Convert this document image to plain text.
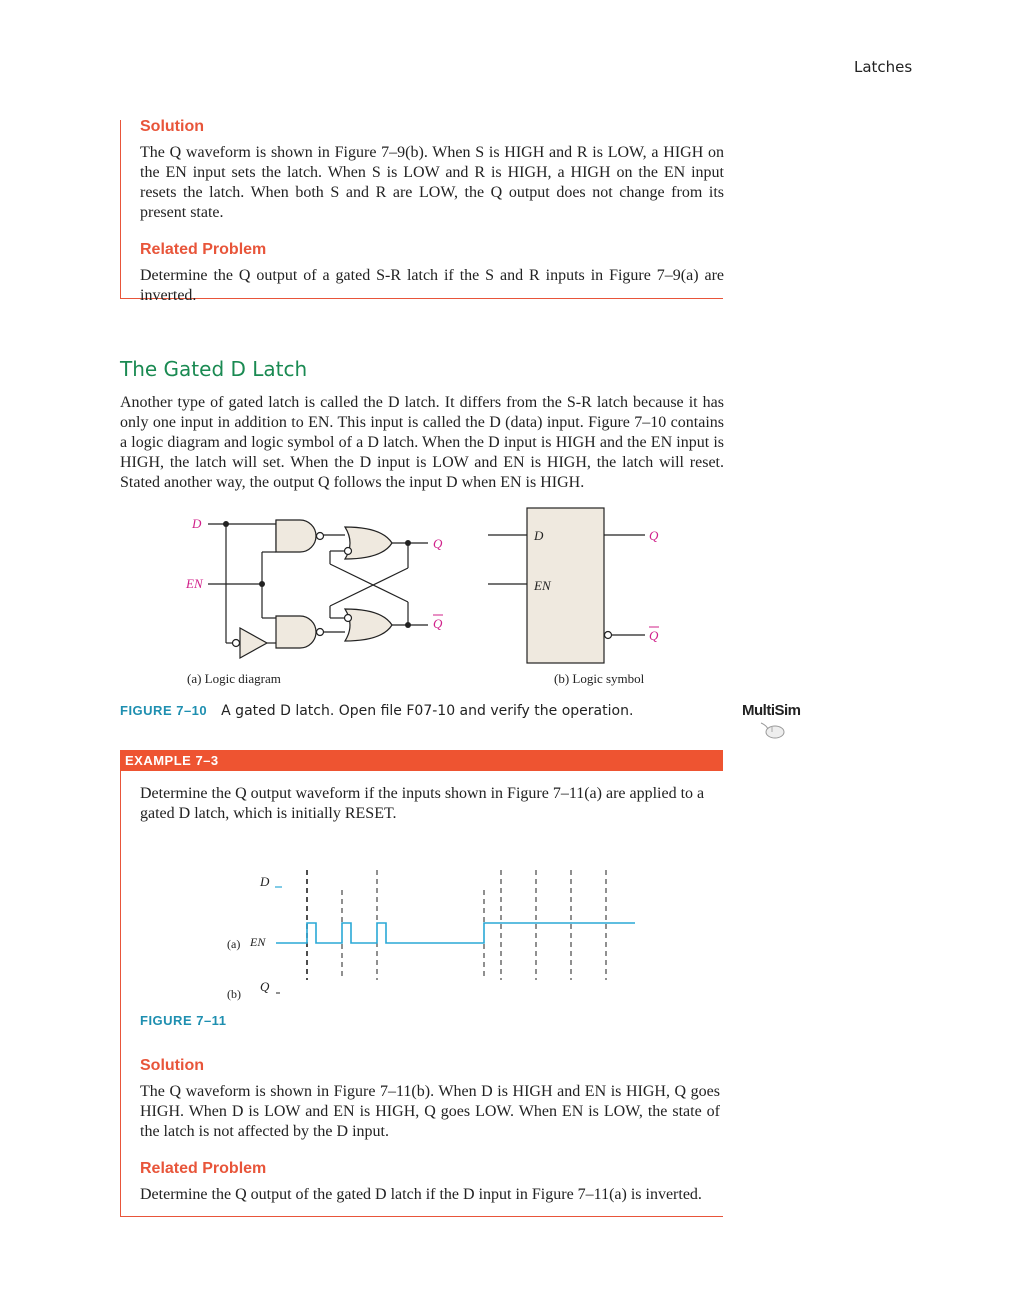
Latches
Solution
The Q waveform is shown in Figure 7–9(b). When S is HIGH and R is LOW, a HIGH on the EN input sets the latch. When S is LOW and R is HIGH, a HIGH on the EN input resets the latch. When both S and R are LOW, the Q output does not change from its present state.
Related Problem
Determine the Q output of a gated S-R latch if the S and R inputs in Figure 7–9(a) are inverted.
The Gated D Latch
Another type of gated latch is called the D latch. It differs from the S-R latch because it has only one input in addition to EN. This input is called the D (data) input. Figure 7–10 contains a logic diagram and logic symbol of a D latch. When the D input is HIGH and the EN input is HIGH, the latch will set. When the D input is LOW and EN is HIGH, the latch will reset. Stated another way, the output Q follows the input D when EN is HIGH.
D
EN
Q
Q
(a) Logic diagram
D
EN
Q
Q
(b) Logic symbol
FIGURE 7–10 A gated D latch. Open file F07-10 and verify the operation.	MultiSim
EXAMPLE 7–3
Determine the Q output waveform if the inputs shown in Figure 7–11(a) are applied to a gated D latch, which is initially RESET.
D
(a) EN
(b) Q
FIGURE 7–11
Solution
The Q waveform is shown in Figure 7–11(b). When D is HIGH and EN is HIGH, Q goes HIGH. When D is LOW and EN is HIGH, Q goes LOW. When EN is LOW, the state of the latch is not affected by the D input.
Related Problem
Determine the Q output of the gated D latch if the D input in Figure 7–11(a) is inverted.
